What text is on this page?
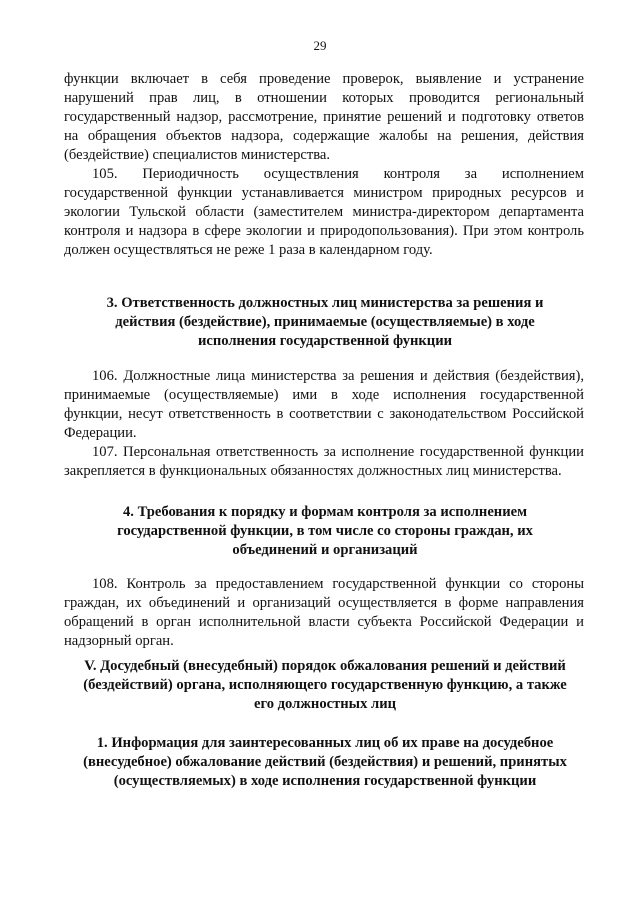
29

функции включает в себя проведение проверок, выявление и устранение нарушений прав лиц, в отношении которых проводится региональный государственный надзор, рассмотрение, принятие решений и подготовку ответов на обращения объектов надзора, содержащие жалобы на решения, действия (бездействие) специалистов министерства.

105. Периодичность осуществления контроля за исполнением государственной функции устанавливается министром природных ресурсов и экологии Тульской области (заместителем министра-директором департамента контроля и надзора в сфере экологии и природопользования). При этом контроль должен осуществляться не реже 1 раза в календарном году.

3. Ответственность должностных лиц министерства за решения и действия (бездействие), принимаемые (осуществляемые) в ходе исполнения государственной функции

106. Должностные лица министерства за решения и действия (бездействия), принимаемые (осуществляемые) ими в ходе исполнения государственной функции, несут ответственность в соответствии с законодательством Российской Федерации.

107. Персональная ответственность за исполнение государственной функции закрепляется в функциональных обязанностях должностных лиц министерства.

4. Требования к порядку и формам контроля за исполнением государственной функции, в том числе со стороны граждан, их объединений и организаций

108. Контроль за предоставлением государственной функции со стороны граждан, их объединений и организаций осуществляется в форме направления обращений в орган исполнительной власти субъекта Российской Федерации и надзорный орган.

V. Досудебный (внесудебный) порядок обжалования решений и действий (бездействий) органа, исполняющего государственную функцию, а также его должностных лиц

1. Информация для заинтересованных лиц об их праве на досудебное (внесудебное) обжалование действий (бездействия) и решений, принятых (осуществляемых) в ходе исполнения государственной функции
